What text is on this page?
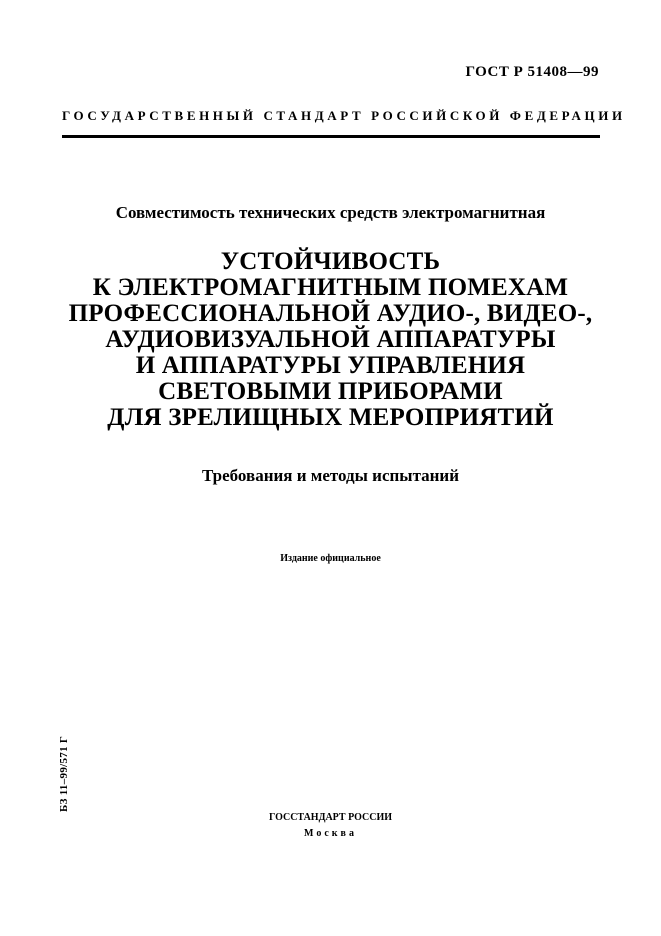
ГОСТ Р 51408—99
ГОСУДАРСТВЕННЫЙ СТАНДАРТ РОССИЙСКОЙ ФЕДЕРАЦИИ
Совместимость технических средств электромагнитная
УСТОЙЧИВОСТЬ
К ЭЛЕКТРОМАГНИТНЫМ ПОМЕХАМ
ПРОФЕССИОНАЛЬНОЙ АУДИО-, ВИДЕО-,
АУДИОВИЗУАЛЬНОЙ АППАРАТУРЫ
И АППАРАТУРЫ УПРАВЛЕНИЯ
СВЕТОВЫМИ ПРИБОРАМИ
ДЛЯ ЗРЕЛИЩНЫХ МЕРОПРИЯТИЙ
Требования и методы испытаний
Издание официальное
БЗ 11–99/571 Г
ГОССТАНДАРТ РОССИИ
Москва
